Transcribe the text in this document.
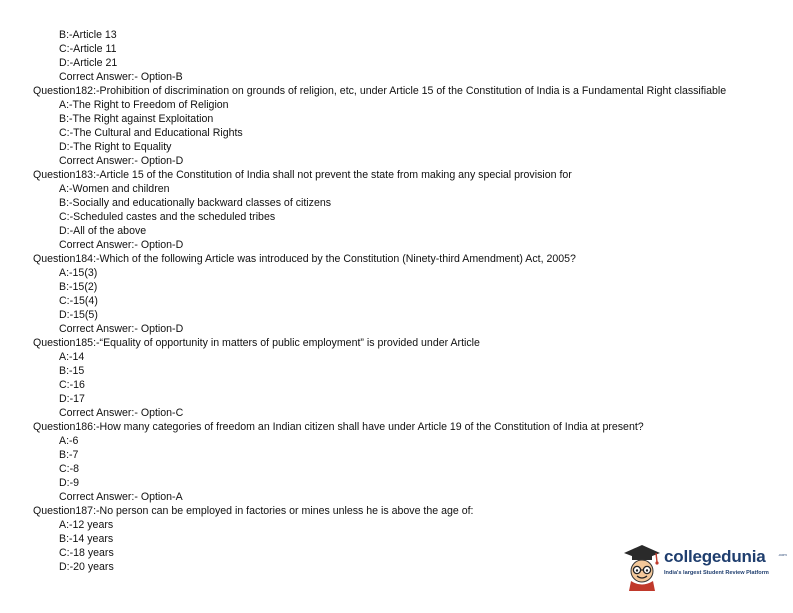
B:-Article 13
C:-Article 11
D:-Article 21
Correct Answer:- Option-B
Question182:-Prohibition of discrimination on grounds of religion, etc, under Article 15 of the Constitution of India is a Fundamental Right classifiable
A:-The Right to Freedom of Religion
B:-The Right against Exploitation
C:-The Cultural and Educational Rights
D:-The Right to Equality
Correct Answer:- Option-D
Question183:-Article 15 of the Constitution of India shall not prevent the state from making any special provision for
A:-Women and children
B:-Socially and educationally backward classes of citizens
C:-Scheduled castes and the scheduled tribes
D:-All of the above
Correct Answer:- Option-D
Question184:-Which of the following Article was introduced by the Constitution (Ninety-third Amendment) Act, 2005?
A:-15(3)
B:-15(2)
C:-15(4)
D:-15(5)
Correct Answer:- Option-D
Question185:-“Equality of opportunity in matters of public employment” is provided under Article
A:-14
B:-15
C:-16
D:-17
Correct Answer:- Option-C
Question186:-How many categories of freedom an Indian citizen shall have under Article 19 of the Constitution of India at present?
A:-6
B:-7
C:-8
D:-9
Correct Answer:- Option-A
Question187:-No person can be employed in factories or mines unless he is above the age of:
A:-12 years
B:-14 years
C:-18 years
D:-20 years
collegedunia	.com
India's largest Student Review Platform
